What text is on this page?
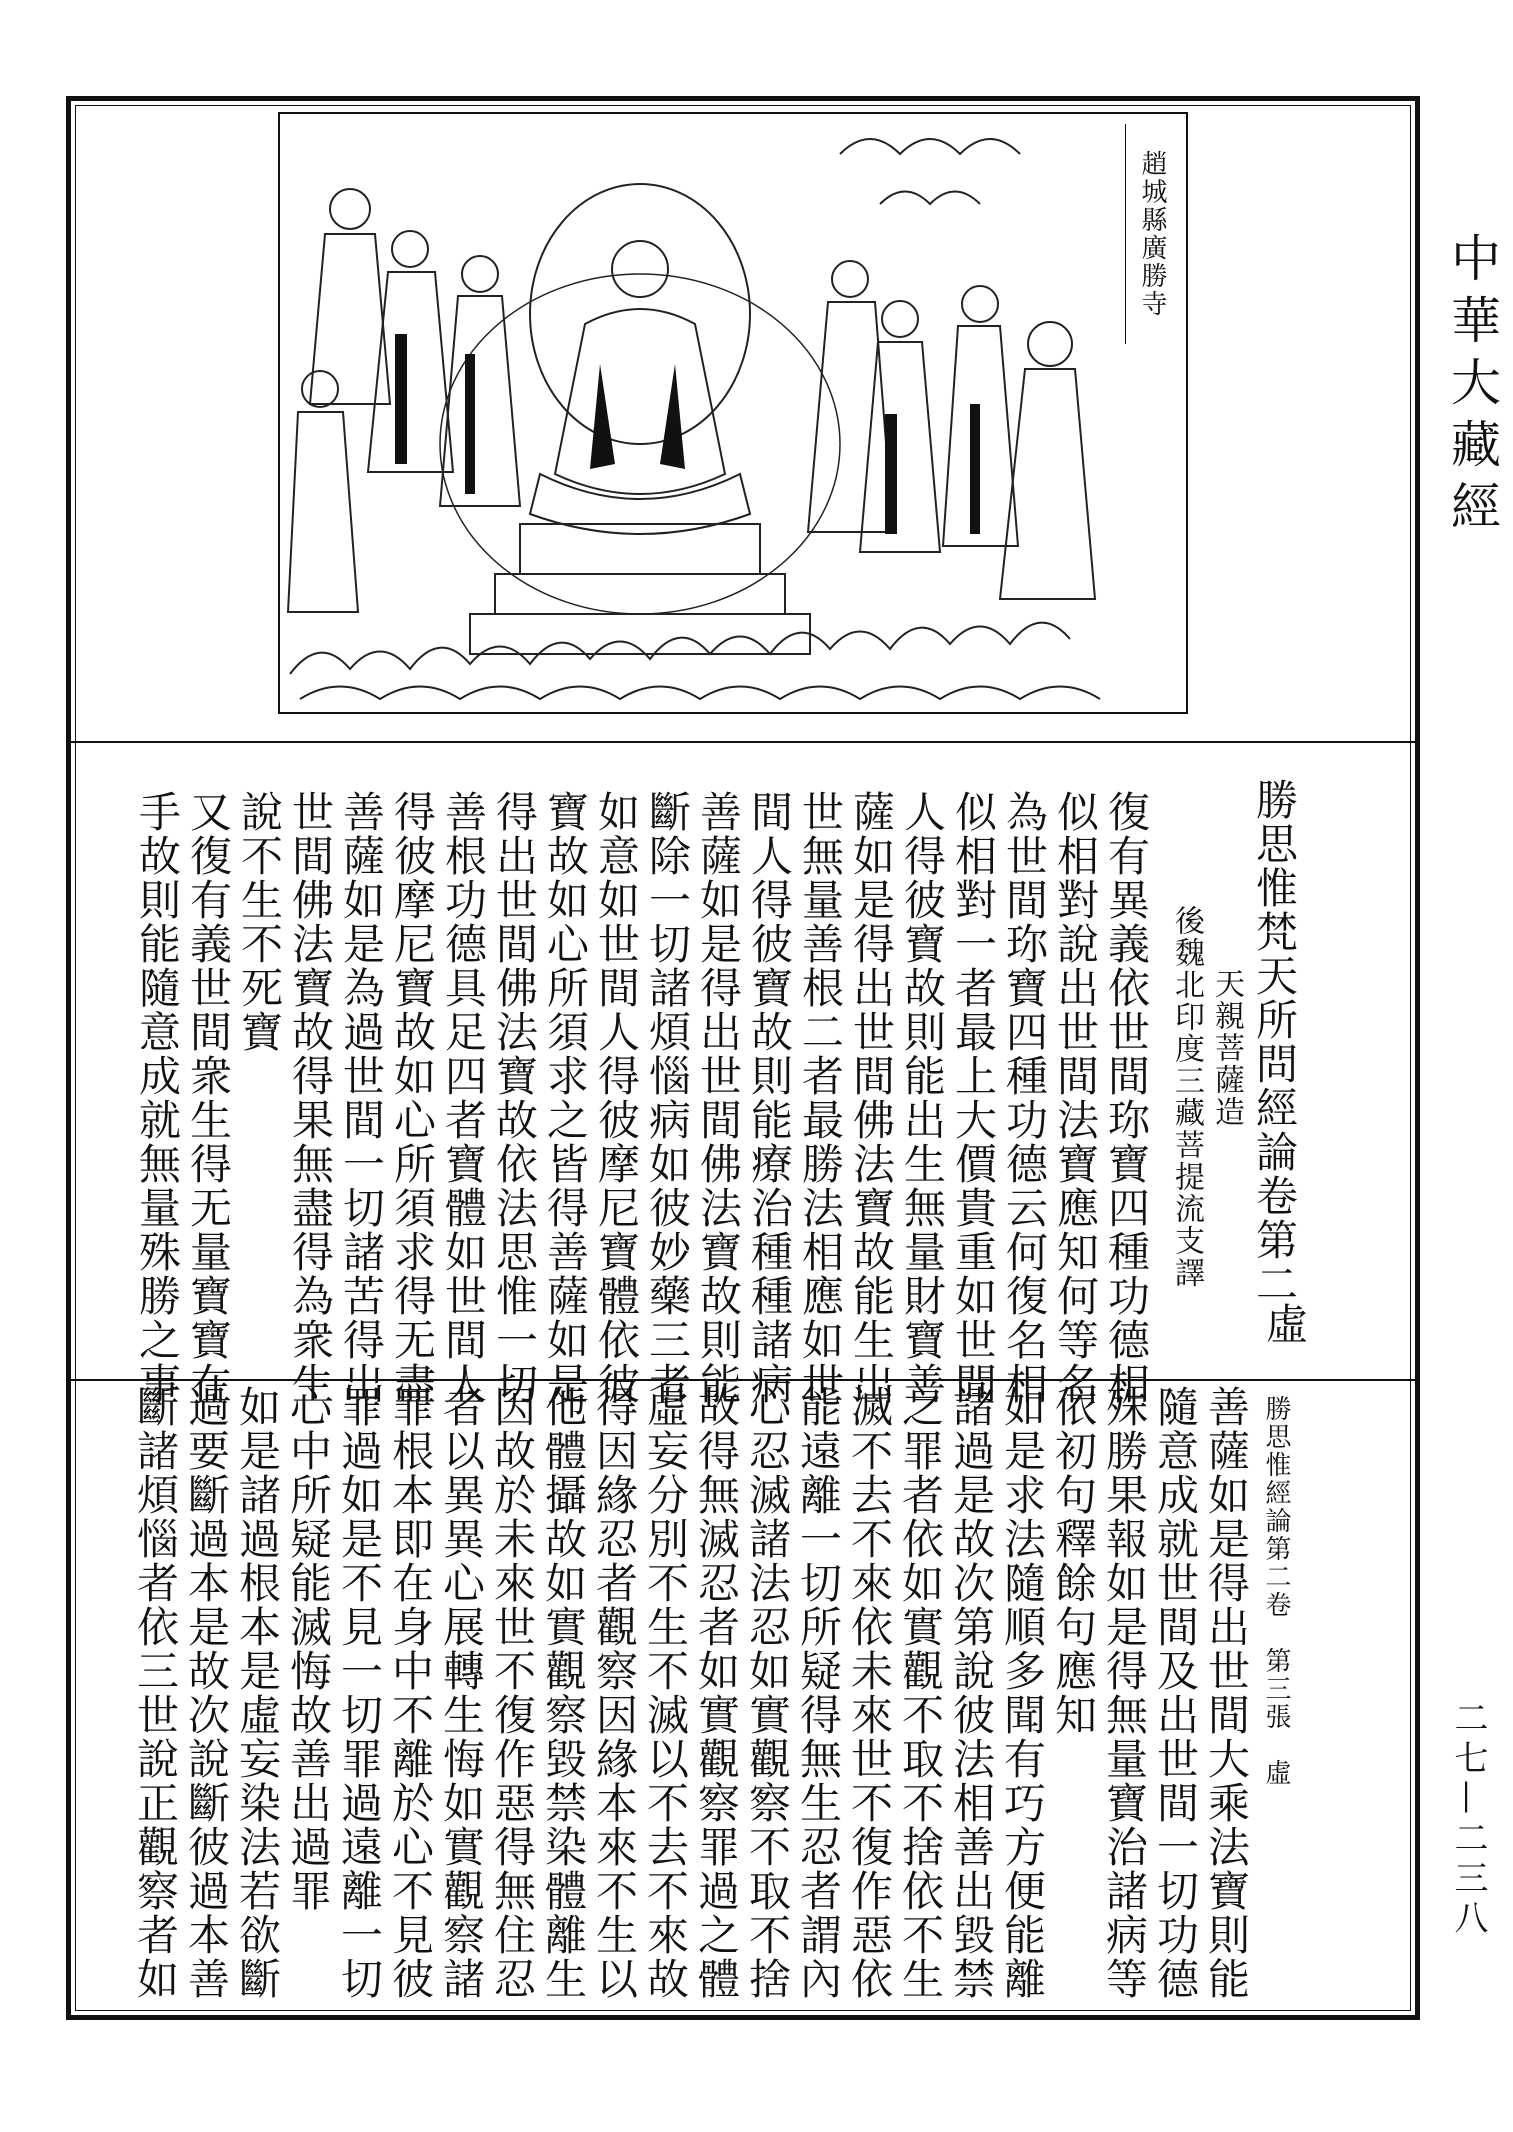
趙城縣廣勝寺	中華大藏經
二七—二三八
勝思惟梵天所問經論卷第二
虛
天親菩薩造
後魏北印度三藏菩提流支譯
復有異義依世間珎寶四種功德相
似相對說出世間法寶應知何等名
為世間珎寶四種功德云何復名相
似相對一者最上大價貴重如世間
人得彼寶故則能出生無量財寶善
薩如是得出世間佛法寶故能生出
世無量善根二者最勝法相應如世
間人得彼寶故則能療治種種諸病
善薩如是得出世間佛法寶故則能
斷除一切諸煩惱病如彼妙藥三者
如意如世間人得彼摩尼寶體依彼
寶故如心所須求之皆得善薩如是
得出世間佛法寶故依法思惟一切
善根功德具足四者寶體如世間人
得彼摩尼寶故如心所須求得无盡
善薩如是為過世間一切諸苦得出
世間佛法寶故得果無盡得為衆生
說不生不死寶
又復有義世間衆生得无量寶寶在
手故則能隨意成就無量殊勝之事
勝思惟經論第二卷　第三張　虛
善薩如是得出世間大乘法寶則能
隨意成就世間及出世間一切功德
殊勝果報如是得無量寶治諸病等
依初句釋餘句應知
如是求法隨順多聞有巧方便能離
諸過是故次第說彼法相善出毀禁
之罪者依如實觀不取不捨依不生
滅不去不來依未來世不復作惡依
能遠離一切所疑得無生忍者謂內
心忍滅諸法忍如實觀察不取不捨
故得無滅忍者如實觀察罪過之體
虛妄分別不生不滅以不去不來故
得因緣忍者觀察因緣本來不生以
他體攝故如實觀察毀禁染體離生
因故於未來世不復作惡得無住忍
者以異異心展轉生悔如實觀察諸
罪根本即在身中不離於心不見彼
罪過如是不見一切罪過遠離一切
心中所疑能滅悔故善出過罪
如是諸過根本是虛妄染法若欲斷
過要斷過本是故次說斷彼過本善
斷諸煩惱者依三世說正觀察者如
